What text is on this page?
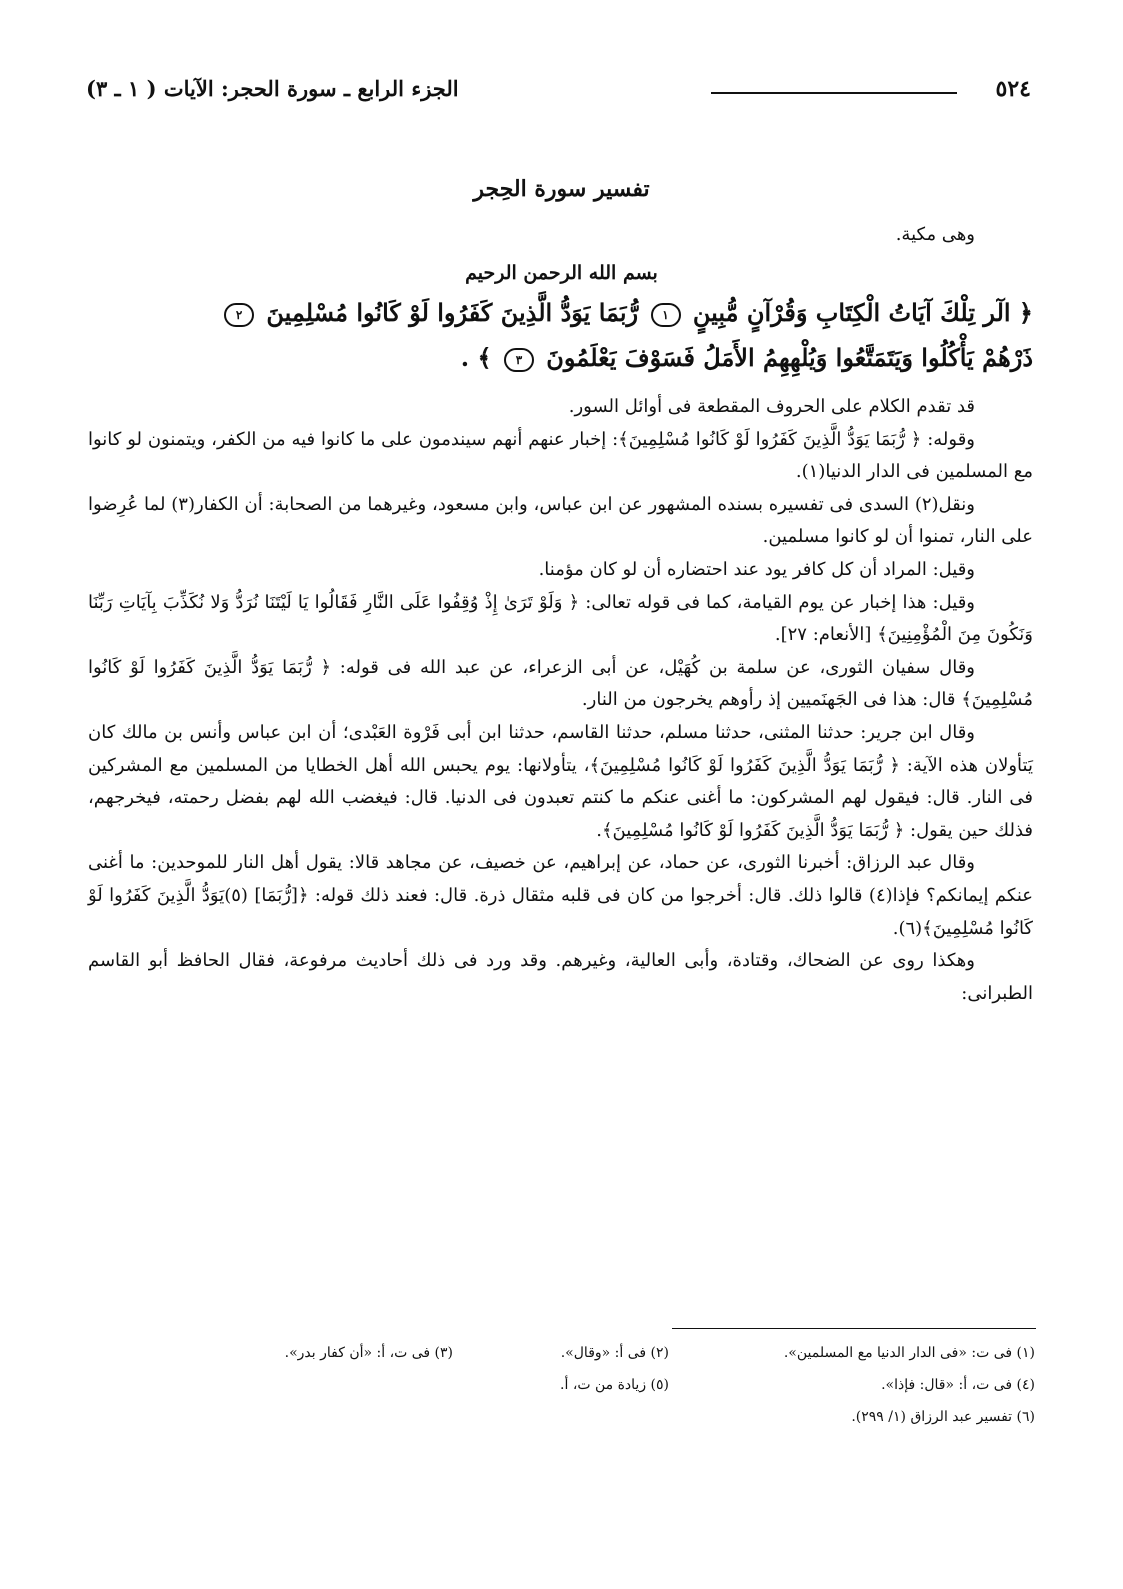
٥٢٤
الجزء الرابع ـ سورة الحجر: الآيات ( ١ ـ ٣)
تفسير سورة الحِجر
وهى مكية.
بسم الله الرحمن الرحيم
﴿ الٓر تِلْكَ آيَاتُ الْكِتَابِ وَقُرْآنٍ مُّبِينٍ ١ رُّبَمَا يَوَدُّ الَّذِينَ كَفَرُوا لَوْ كَانُوا مُسْلِمِينَ ٢
ذَرْهُمْ يَأْكُلُوا وَيَتَمَتَّعُوا وَيُلْهِهِمُ الأَمَلُ فَسَوْفَ يَعْلَمُونَ ٣ ﴾ .

قد تقدم الكلام على الحروف المقطعة فى أوائل السور.

وقوله: ﴿ رُّبَمَا يَوَدُّ الَّذِينَ كَفَرُوا لَوْ كَانُوا مُسْلِمِينَ﴾: إخبار عنهم أنهم سيندمون على ما كانوا فيه من الكفر، ويتمنون لو كانوا مع المسلمين فى الدار الدنيا(١).

ونقل(٢) السدى فى تفسيره بسنده المشهور عن ابن عباس، وابن مسعود، وغيرهما من الصحابة: أن الكفار(٣) لما عُرِضوا على النار، تمنوا أن لو كانوا مسلمين.

وقيل: المراد أن كل كافر يود عند احتضاره أن لو كان مؤمنا.

وقيل: هذا إخبار عن يوم القيامة، كما فى قوله تعالى: ﴿ وَلَوْ تَرَىٰ إِذْ وُقِفُوا عَلَى النَّارِ فَقَالُوا يَا لَيْتَنَا نُرَدُّ وَلا نُكَذِّبَ بِآيَاتِ رَبِّنَا وَنَكُونَ مِنَ الْمُؤْمِنِينَ﴾ [الأنعام: ٢٧].

وقال سفيان الثورى، عن سلمة بن كُهَيْل، عن أبى الزعراء، عن عبد الله فى قوله: ﴿ رُّبَمَا يَوَدُّ الَّذِينَ كَفَرُوا لَوْ كَانُوا مُسْلِمِينَ﴾ قال: هذا فى الجَهنَميين إذ رأوهم يخرجون من النار.

وقال ابن جرير: حدثنا المثنى، حدثنا مسلم، حدثنا القاسم، حدثنا ابن أبى فَرْوة العَبْدى؛ أن ابن عباس وأنس بن مالك كان يَتأولان هذه الآية: ﴿ رُّبَمَا يَوَدُّ الَّذِينَ كَفَرُوا لَوْ كَانُوا مُسْلِمِينَ﴾، يتأولانها: يوم يحبس الله أهل الخطايا من المسلمين مع المشركين فى النار. قال: فيقول لهم المشركون: ما أغنى عنكم ما كنتم تعبدون فى الدنيا. قال: فيغضب الله لهم بفضل رحمته، فيخرجهم، فذلك حين يقول: ﴿ رُّبَمَا يَوَدُّ الَّذِينَ كَفَرُوا لَوْ كَانُوا مُسْلِمِينَ﴾.

وقال عبد الرزاق: أخبرنا الثورى، عن حماد، عن إبراهيم، عن خصيف، عن مجاهد قالا: يقول أهل النار للموحدين: ما أغنى عنكم إيمانكم؟ فإذا(٤) قالوا ذلك. قال: أخرجوا من كان فى قلبه مثقال ذرة. قال: فعند ذلك قوله: ﴿[رُّبَمَا] (٥)يَوَدُّ الَّذِينَ كَفَرُوا لَوْ كَانُوا مُسْلِمِينَ﴾(٦).

وهكذا روى عن الضحاك، وقتادة، وأبى العالية، وغيرهم. وقد ورد فى ذلك أحاديث مرفوعة، فقال الحافظ أبو القاسم الطبرانى:

(١) فى ت: «فى الدار الدنيا مع المسلمين».
(٢) فى أ: «وقال».
(٣) فى ت، أ: «أن كفار بدر».
(٤) فى ت، أ: «قال: فإذا».
(٥) زيادة من ت، أ.
(٦) تفسير عبد الرزاق (١/ ٢٩٩).
